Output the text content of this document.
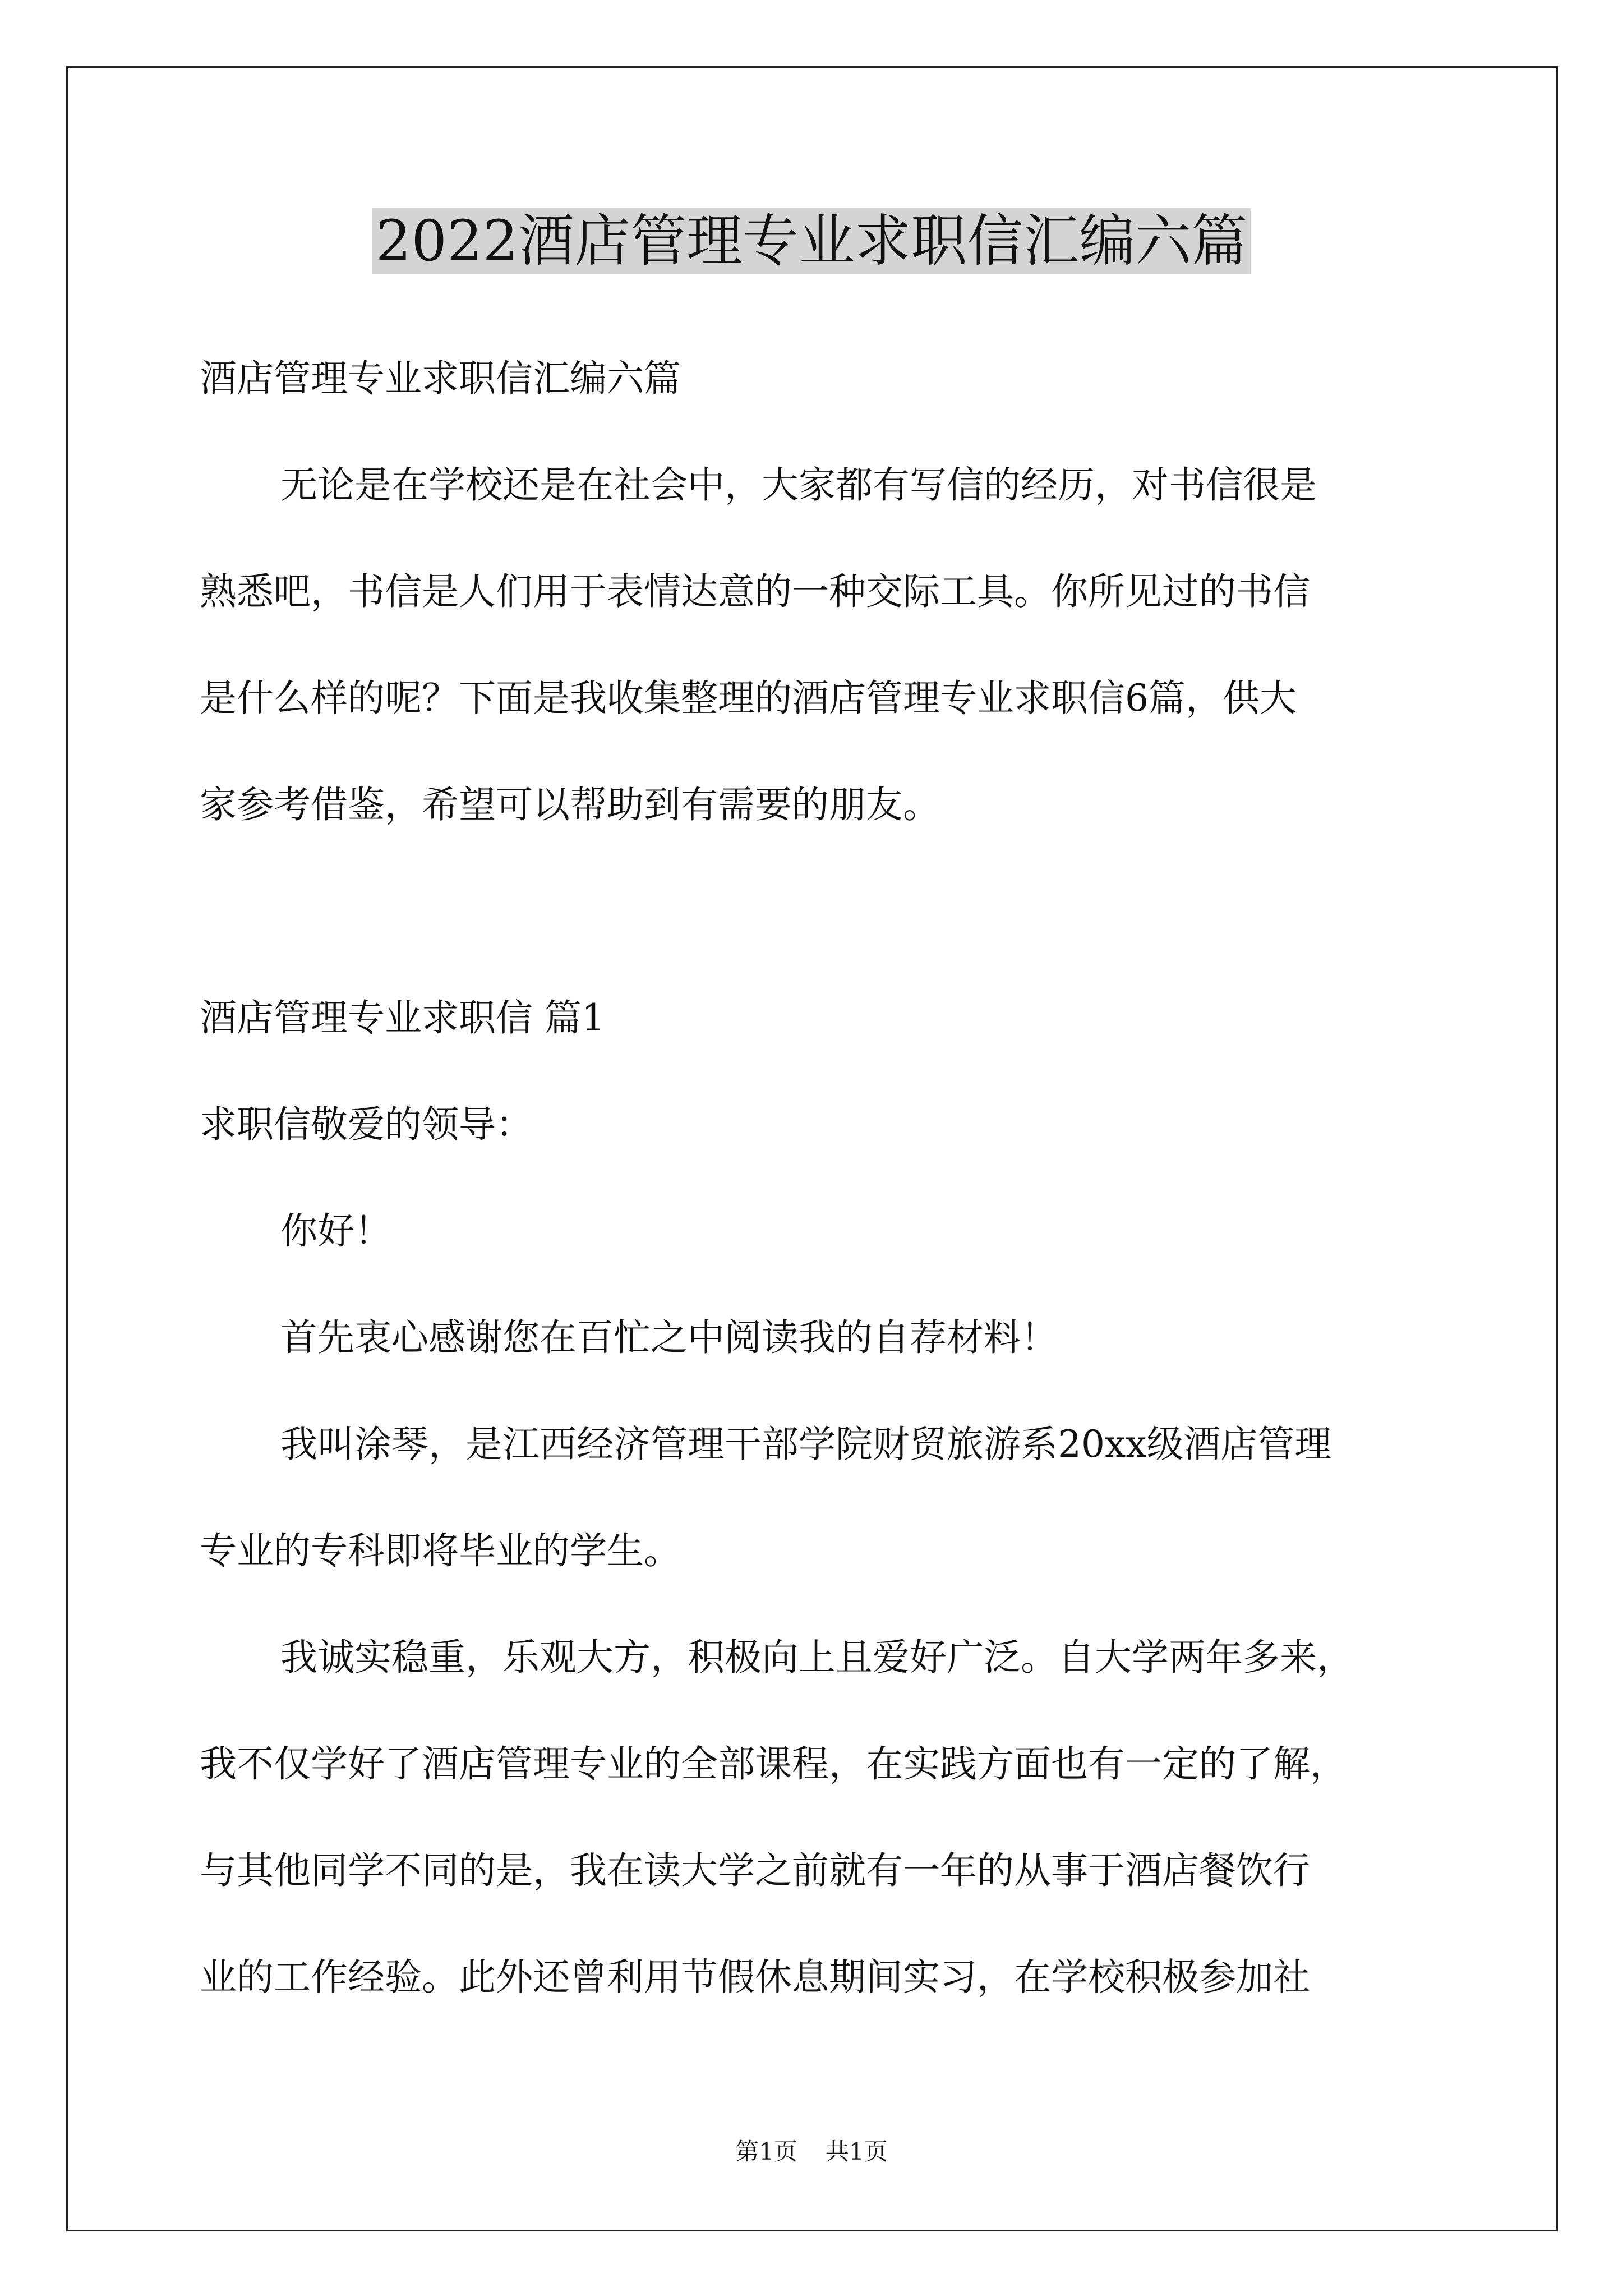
2022酒店管理专业求职信汇编六篇

酒店管理专业求职信汇编六篇

无论是在学校还是在社会中，大家都有写信的经历，对书信很是

熟悉吧，书信是人们用于表情达意的一种交际工具。你所见过的书信

是什么样的呢？下面是我收集整理的酒店管理专业求职信6篇，供大

家参考借鉴，希望可以帮助到有需要的朋友。

酒店管理专业求职信 篇1

求职信敬爱的领导：

你好！

首先衷心感谢您在百忙之中阅读我的自荐材料！

我叫涂琴，是江西经济管理干部学院财贸旅游系20xx级酒店管理

专业的专科即将毕业的学生。

我诚实稳重，乐观大方，积极向上且爱好广泛。自大学两年多来，

我不仅学好了酒店管理专业的全部课程，在实践方面也有一定的了解，

与其他同学不同的是，我在读大学之前就有一年的从事于酒店餐饮行

业的工作经验。此外还曾利用节假休息期间实习，在学校积极参加社

第1页 共1页
